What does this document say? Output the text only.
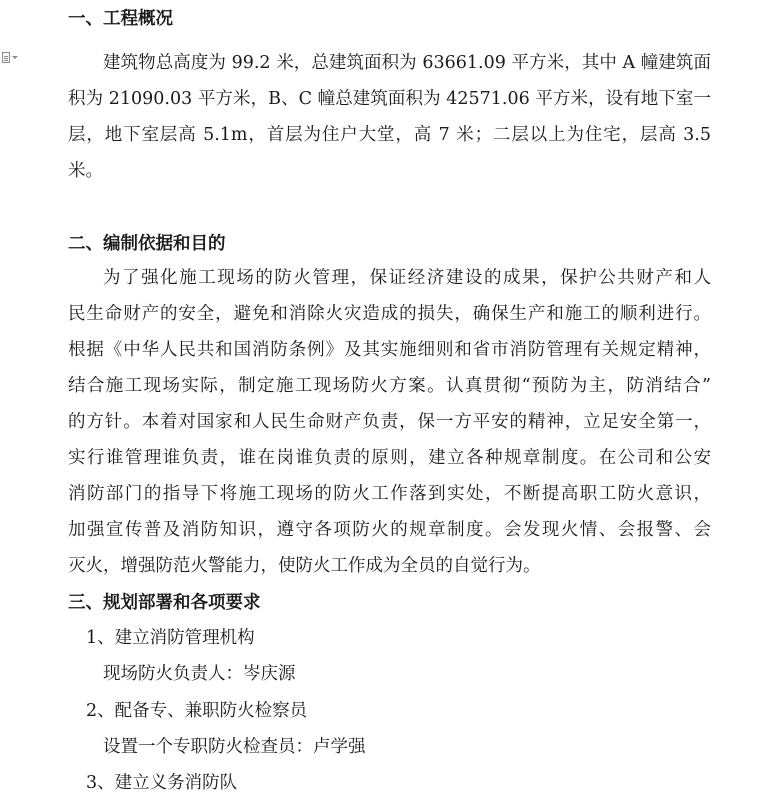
一、工程概况
建筑物总高度为 99.2 米，总建筑面积为 63661.09 平方米，其中 A 幢建筑面
积为 21090.03 平方米，B、C 幢总建筑面积为 42571.06 平方米，设有地下室一
层，地下室层高 5.1m，首层为住户大堂，高 7 米；二层以上为住宅，层高 3.5
米。
二、编制依据和目的
为了强化施工现场的防火管理，保证经济建设的成果，保护公共财产和人
民生命财产的安全，避免和消除火灾造成的损失，确保生产和施工的顺利进行。
根据《中华人民共和国消防条例》及其实施细则和省市消防管理有关规定精神，
结合施工现场实际，制定施工现场防火方案。认真贯彻“预防为主，防消结合”
的方针。本着对国家和人民生命财产负责，保一方平安的精神，立足安全第一，
实行谁管理谁负责，谁在岗谁负责的原则，建立各种规章制度。在公司和公安
消防部门的指导下将施工现场的防火工作落到实处，不断提高职工防火意识，
加强宣传普及消防知识，遵守各项防火的规章制度。会发现火情、会报警、会
灭火，增强防范火警能力，使防火工作成为全员的自觉行为。
三、规划部署和各项要求
1、建立消防管理机构
现场防火负责人：岑庆源
2、配备专、兼职防火检察员
设置一个专职防火检查员：卢学强
3、建立义务消防队
